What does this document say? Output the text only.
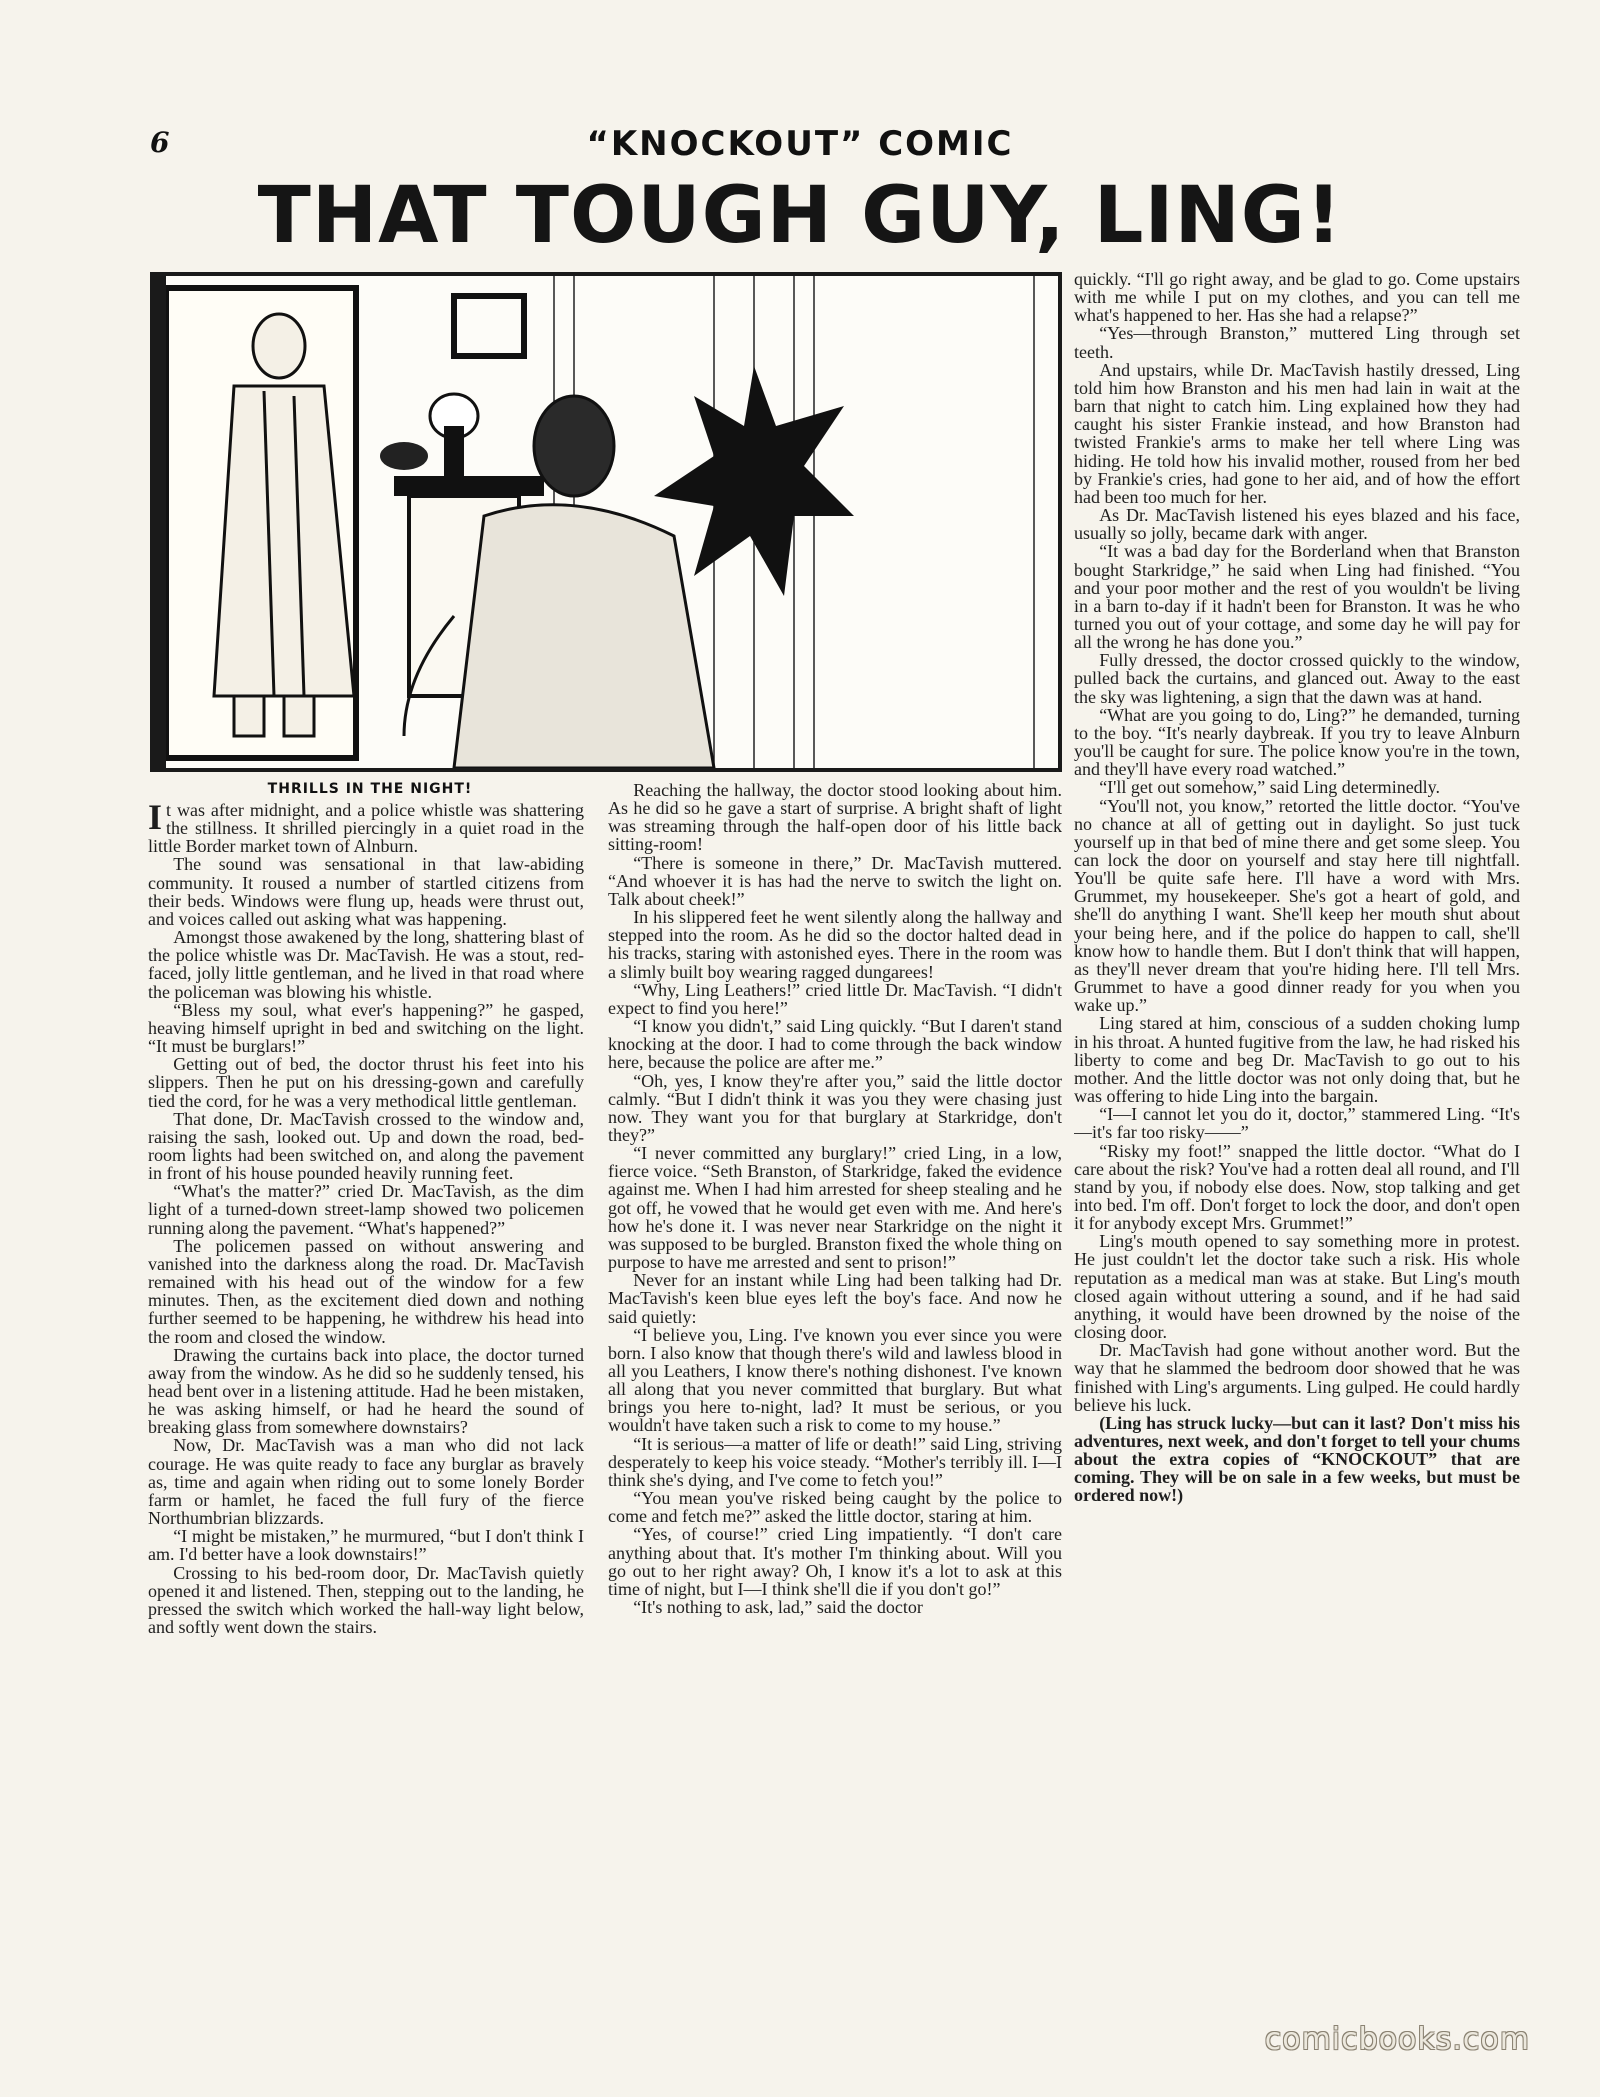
6	“KNOCKOUT” COMIC
THAT TOUGH GUY, LING!
THRILLS IN THE NIGHT!

It was after midnight, and a police whistle was shattering the stillness. It shrilled piercingly in a quiet road in the little Border market town of Alnburn.

The sound was sensational in that law-abiding community. It roused a number of startled citizens from their beds. Windows were flung up, heads were thrust out, and voices called out asking what was happening.

Amongst those awakened by the long, shattering blast of the police whistle was Dr. MacTavish. He was a stout, red-faced, jolly little gentleman, and he lived in that road where the policeman was blowing his whistle.

“Bless my soul, what ever's happening?” he gasped, heaving himself upright in bed and switching on the light. “It must be burglars!”

Getting out of bed, the doctor thrust his feet into his slippers. Then he put on his dressing-gown and carefully tied the cord, for he was a very methodical little gentleman.

That done, Dr. MacTavish crossed to the window and, raising the sash, looked out. Up and down the road, bed-room lights had been switched on, and along the pavement in front of his house pounded heavily running feet.

“What's the matter?” cried Dr. MacTavish, as the dim light of a turned-down street-lamp showed two policemen running along the pavement. “What's happened?”

The policemen passed on without answering and vanished into the darkness along the road. Dr. MacTavish remained with his head out of the window for a few minutes. Then, as the excitement died down and nothing further seemed to be happening, he withdrew his head into the room and closed the window.

Drawing the curtains back into place, the doctor turned away from the window. As he did so he suddenly tensed, his head bent over in a listening attitude. Had he been mistaken, he was asking himself, or had he heard the sound of breaking glass from somewhere downstairs?

Now, Dr. MacTavish was a man who did not lack courage. He was quite ready to face any burglar as bravely as, time and again when riding out to some lonely Border farm or hamlet, he faced the full fury of the fierce Northumbrian blizzards.

“I might be mistaken,” he murmured, “but I don't think I am. I'd better have a look downstairs!”

Crossing to his bed-room door, Dr. MacTavish quietly opened it and listened. Then, stepping out to the landing, he pressed the switch which worked the hall-way light below, and softly went down the stairs.

Reaching the hallway, the doctor stood looking about him. As he did so he gave a start of surprise. A bright shaft of light was streaming through the half-open door of his little back sitting-room!

“There is someone in there,” Dr. MacTavish muttered. “And whoever it is has had the nerve to switch the light on. Talk about cheek!”

In his slippered feet he went silently along the hallway and stepped into the room. As he did so the doctor halted dead in his tracks, staring with astonished eyes. There in the room was a slimly built boy wearing ragged dungarees!

“Why, Ling Leathers!” cried little Dr. MacTavish. “I didn't expect to find you here!”

“I know you didn't,” said Ling quickly. “But I daren't stand knocking at the door. I had to come through the back window here, because the police are after me.”

“Oh, yes, I know they're after you,” said the little doctor calmly. “But I didn't think it was you they were chasing just now. They want you for that burglary at Starkridge, don't they?”

“I never committed any burglary!” cried Ling, in a low, fierce voice. “Seth Branston, of Starkridge, faked the evidence against me. When I had him arrested for sheep stealing and he got off, he vowed that he would get even with me. And here's how he's done it. I was never near Starkridge on the night it was supposed to be burgled. Branston fixed the whole thing on purpose to have me arrested and sent to prison!”

Never for an instant while Ling had been talking had Dr. MacTavish's keen blue eyes left the boy's face. And now he said quietly:

“I believe you, Ling. I've known you ever since you were born. I also know that though there's wild and lawless blood in all you Leathers, I know there's nothing dishonest. I've known all along that you never committed that burglary. But what brings you here to-night, lad? It must be serious, or you wouldn't have taken such a risk to come to my house.”

“It is serious—a matter of life or death!” said Ling, striving desperately to keep his voice steady. “Mother's terribly ill. I—I think she's dying, and I've come to fetch you!”

“You mean you've risked being caught by the police to come and fetch me?” asked the little doctor, staring at him.

“Yes, of course!” cried Ling impatiently. “I don't care anything about that. It's mother I'm thinking about. Will you go out to her right away? Oh, I know it's a lot to ask at this time of night, but I—I think she'll die if you don't go!”

“It's nothing to ask, lad,” said the doctor

quickly. “I'll go right away, and be glad to go. Come upstairs with me while I put on my clothes, and you can tell me what's happened to her. Has she had a relapse?”

“Yes—through Branston,” muttered Ling through set teeth.

And upstairs, while Dr. MacTavish hastily dressed, Ling told him how Branston and his men had lain in wait at the barn that night to catch him. Ling explained how they had caught his sister Frankie instead, and how Branston had twisted Frankie's arms to make her tell where Ling was hiding. He told how his invalid mother, roused from her bed by Frankie's cries, had gone to her aid, and of how the effort had been too much for her.

As Dr. MacTavish listened his eyes blazed and his face, usually so jolly, became dark with anger.

“It was a bad day for the Borderland when that Branston bought Starkridge,” he said when Ling had finished. “You and your poor mother and the rest of you wouldn't be living in a barn to-day if it hadn't been for Branston. It was he who turned you out of your cottage, and some day he will pay for all the wrong he has done you.”

Fully dressed, the doctor crossed quickly to the window, pulled back the curtains, and glanced out. Away to the east the sky was lightening, a sign that the dawn was at hand.

“What are you going to do, Ling?” he demanded, turning to the boy. “It's nearly daybreak. If you try to leave Alnburn you'll be caught for sure. The police know you're in the town, and they'll have every road watched.”

“I'll get out somehow,” said Ling determinedly.

“You'll not, you know,” retorted the little doctor. “You've no chance at all of getting out in daylight. So just tuck yourself up in that bed of mine there and get some sleep. You can lock the door on yourself and stay here till nightfall. You'll be quite safe here. I'll have a word with Mrs. Grummet, my housekeeper. She's got a heart of gold, and she'll do anything I want. She'll keep her mouth shut about your being here, and if the police do happen to call, she'll know how to handle them. But I don't think that will happen, as they'll never dream that you're hiding here. I'll tell Mrs. Grummet to have a good dinner ready for you when you wake up.”

Ling stared at him, conscious of a sudden choking lump in his throat. A hunted fugitive from the law, he had risked his liberty to come and beg Dr. MacTavish to go out to his mother. And the little doctor was not only doing that, but he was offering to hide Ling into the bargain.

“I—I cannot let you do it, doctor,” stammered Ling. “It's—it's far too risky——”

“Risky my foot!” snapped the little doctor. “What do I care about the risk? You've had a rotten deal all round, and I'll stand by you, if nobody else does. Now, stop talking and get into bed. I'm off. Don't forget to lock the door, and don't open it for anybody except Mrs. Grummet!”

Ling's mouth opened to say something more in protest. He just couldn't let the doctor take such a risk. His whole reputation as a medical man was at stake. But Ling's mouth closed again without uttering a sound, and if he had said anything, it would have been drowned by the noise of the closing door.

Dr. MacTavish had gone without another word. But the way that he slammed the bedroom door showed that he was finished with Ling's arguments. Ling gulped. He could hardly believe his luck.

(Ling has struck lucky—but can it last? Don't miss his adventures, next week, and don't forget to tell your chums about the extra copies of “KNOCKOUT” that are coming. They will be on sale in a few weeks, but must be ordered now!)

comicbooks.com
